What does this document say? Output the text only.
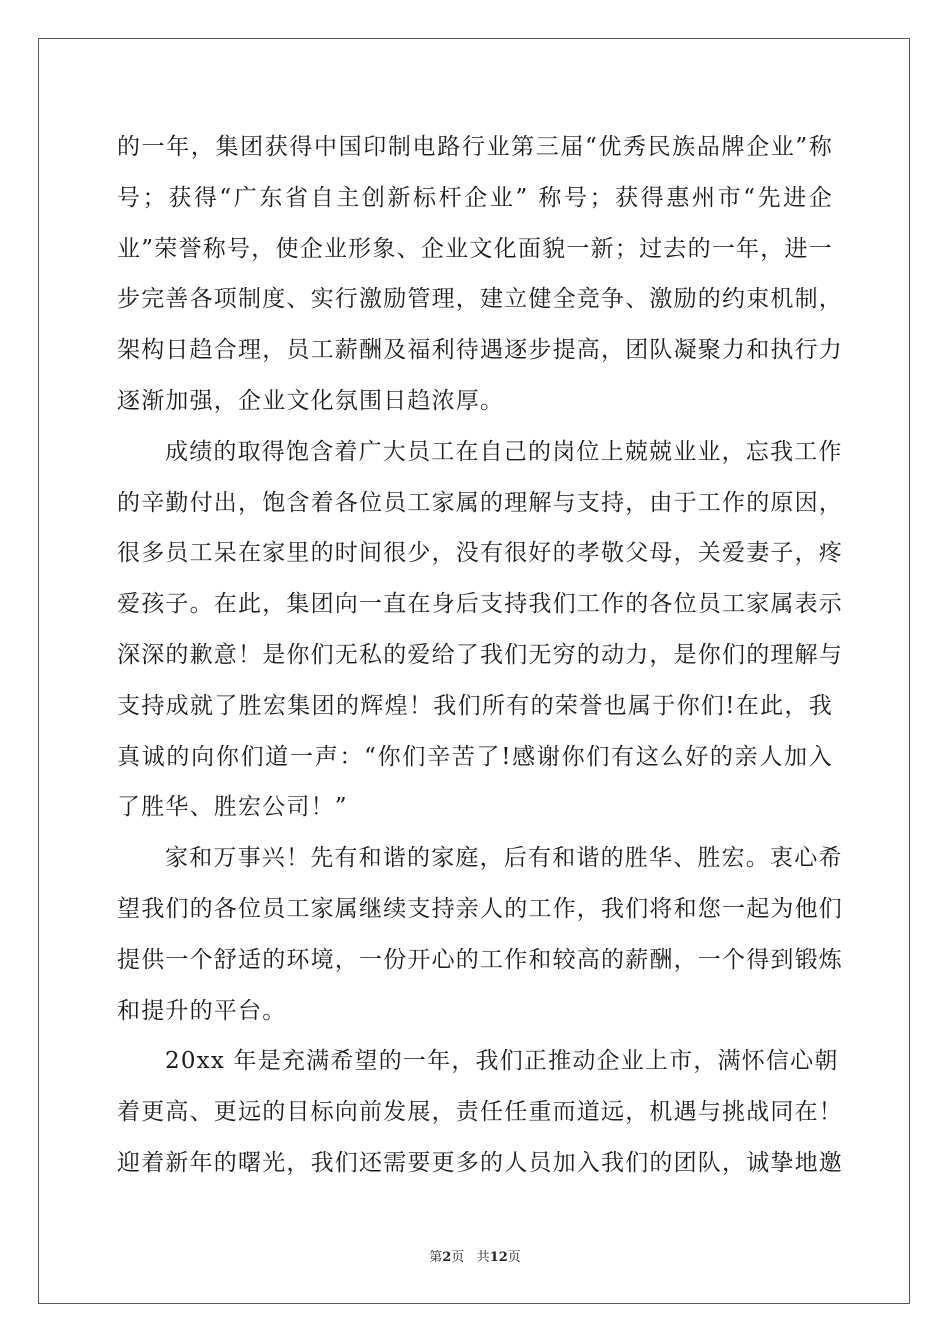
的一年，集团获得中国印制电路行业第三届“优秀民族品牌企业”称
号；获得“广东省自主创新标杆企业” 称号；获得惠州市“先进企
业”荣誉称号，使企业形象、企业文化面貌一新；过去的一年，进一
步完善各项制度、实行激励管理，建立健全竞争、激励的约束机制，
架构日趋合理，员工薪酬及福利待遇逐步提高，团队凝聚力和执行力
逐渐加强，企业文化氛围日趋浓厚。
成绩的取得饱含着广大员工在自己的岗位上兢兢业业，忘我工作
的辛勤付出，饱含着各位员工家属的理解与支持，由于工作的原因，
很多员工呆在家里的时间很少，没有很好的孝敬父母，关爱妻子，疼
爱孩子。在此，集团向一直在身后支持我们工作的各位员工家属表示
深深的歉意！是你们无私的爱给了我们无穷的动力，是你们的理解与
支持成就了胜宏集团的辉煌！我们所有的荣誉也属于你们!在此，我
真诚的向你们道一声：“你们辛苦了!感谢你们有这么好的亲人加入
了胜华、胜宏公司！”
家和万事兴！先有和谐的家庭，后有和谐的胜华、胜宏。衷心希
望我们的各位员工家属继续支持亲人的工作，我们将和您一起为他们
提供一个舒适的环境，一份开心的工作和较高的薪酬，一个得到锻炼
和提升的平台。
20xx 年是充满希望的一年，我们正推动企业上市，满怀信心朝
着更高、更远的目标向前发展，责任任重而道远，机遇与挑战同在！
迎着新年的曙光，我们还需要更多的人员加入我们的团队，诚挚地邀
第2页 共12页
